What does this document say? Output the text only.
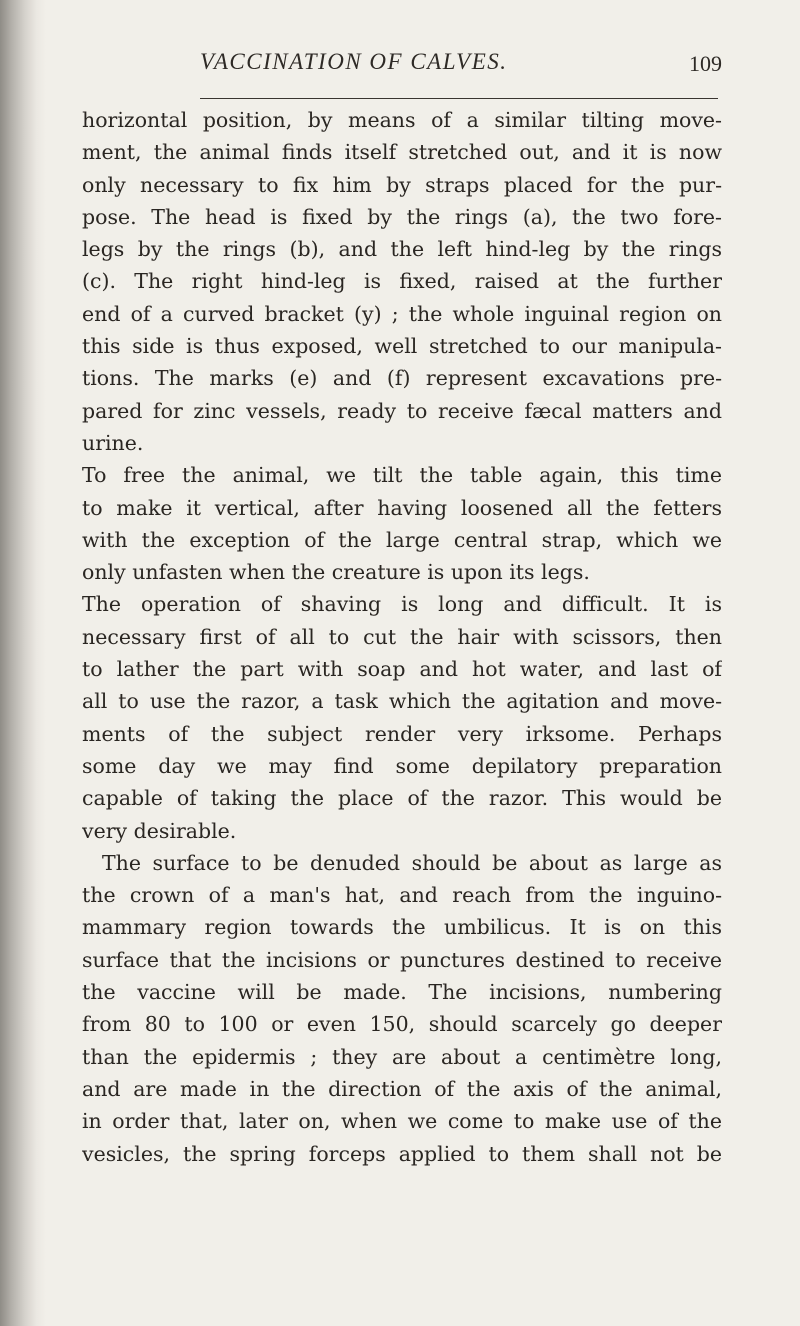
VACCINATION OF CALVES.	109
horizontal position, by means of a similar tilting move-
ment, the animal finds itself stretched out, and it is now
only necessary to fix him by straps placed for the pur-
pose. The head is fixed by the rings (a), the two fore-
legs by the rings (b), and the left hind-leg by the rings
(c). The right hind-leg is fixed, raised at the further
end of a curved bracket (y) ; the whole inguinal region on
this side is thus exposed, well stretched to our manipula-
tions. The marks (e) and (f) represent excavations pre-
pared for zinc vessels, ready to receive fæcal matters and
urine.
To free the animal, we tilt the table again, this time
to make it vertical, after having loosened all the fetters
with the exception of the large central strap, which we
only unfasten when the creature is upon its legs.
The operation of shaving is long and difficult. It is
necessary first of all to cut the hair with scissors, then
to lather the part with soap and hot water, and last of
all to use the razor, a task which the agitation and move-
ments of the subject render very irksome. Perhaps
some day we may find some depilatory preparation
capable of taking the place of the razor. This would be
very desirable.
The surface to be denuded should be about as large as
the crown of a man's hat, and reach from the inguino-
mammary region towards the umbilicus. It is on this
surface that the incisions or punctures destined to receive
the vaccine will be made. The incisions, numbering
from 80 to 100 or even 150, should scarcely go deeper
than the epidermis ; they are about a centimètre long,
and are made in the direction of the axis of the animal,
in order that, later on, when we come to make use of the
vesicles, the spring forceps applied to them shall not be
